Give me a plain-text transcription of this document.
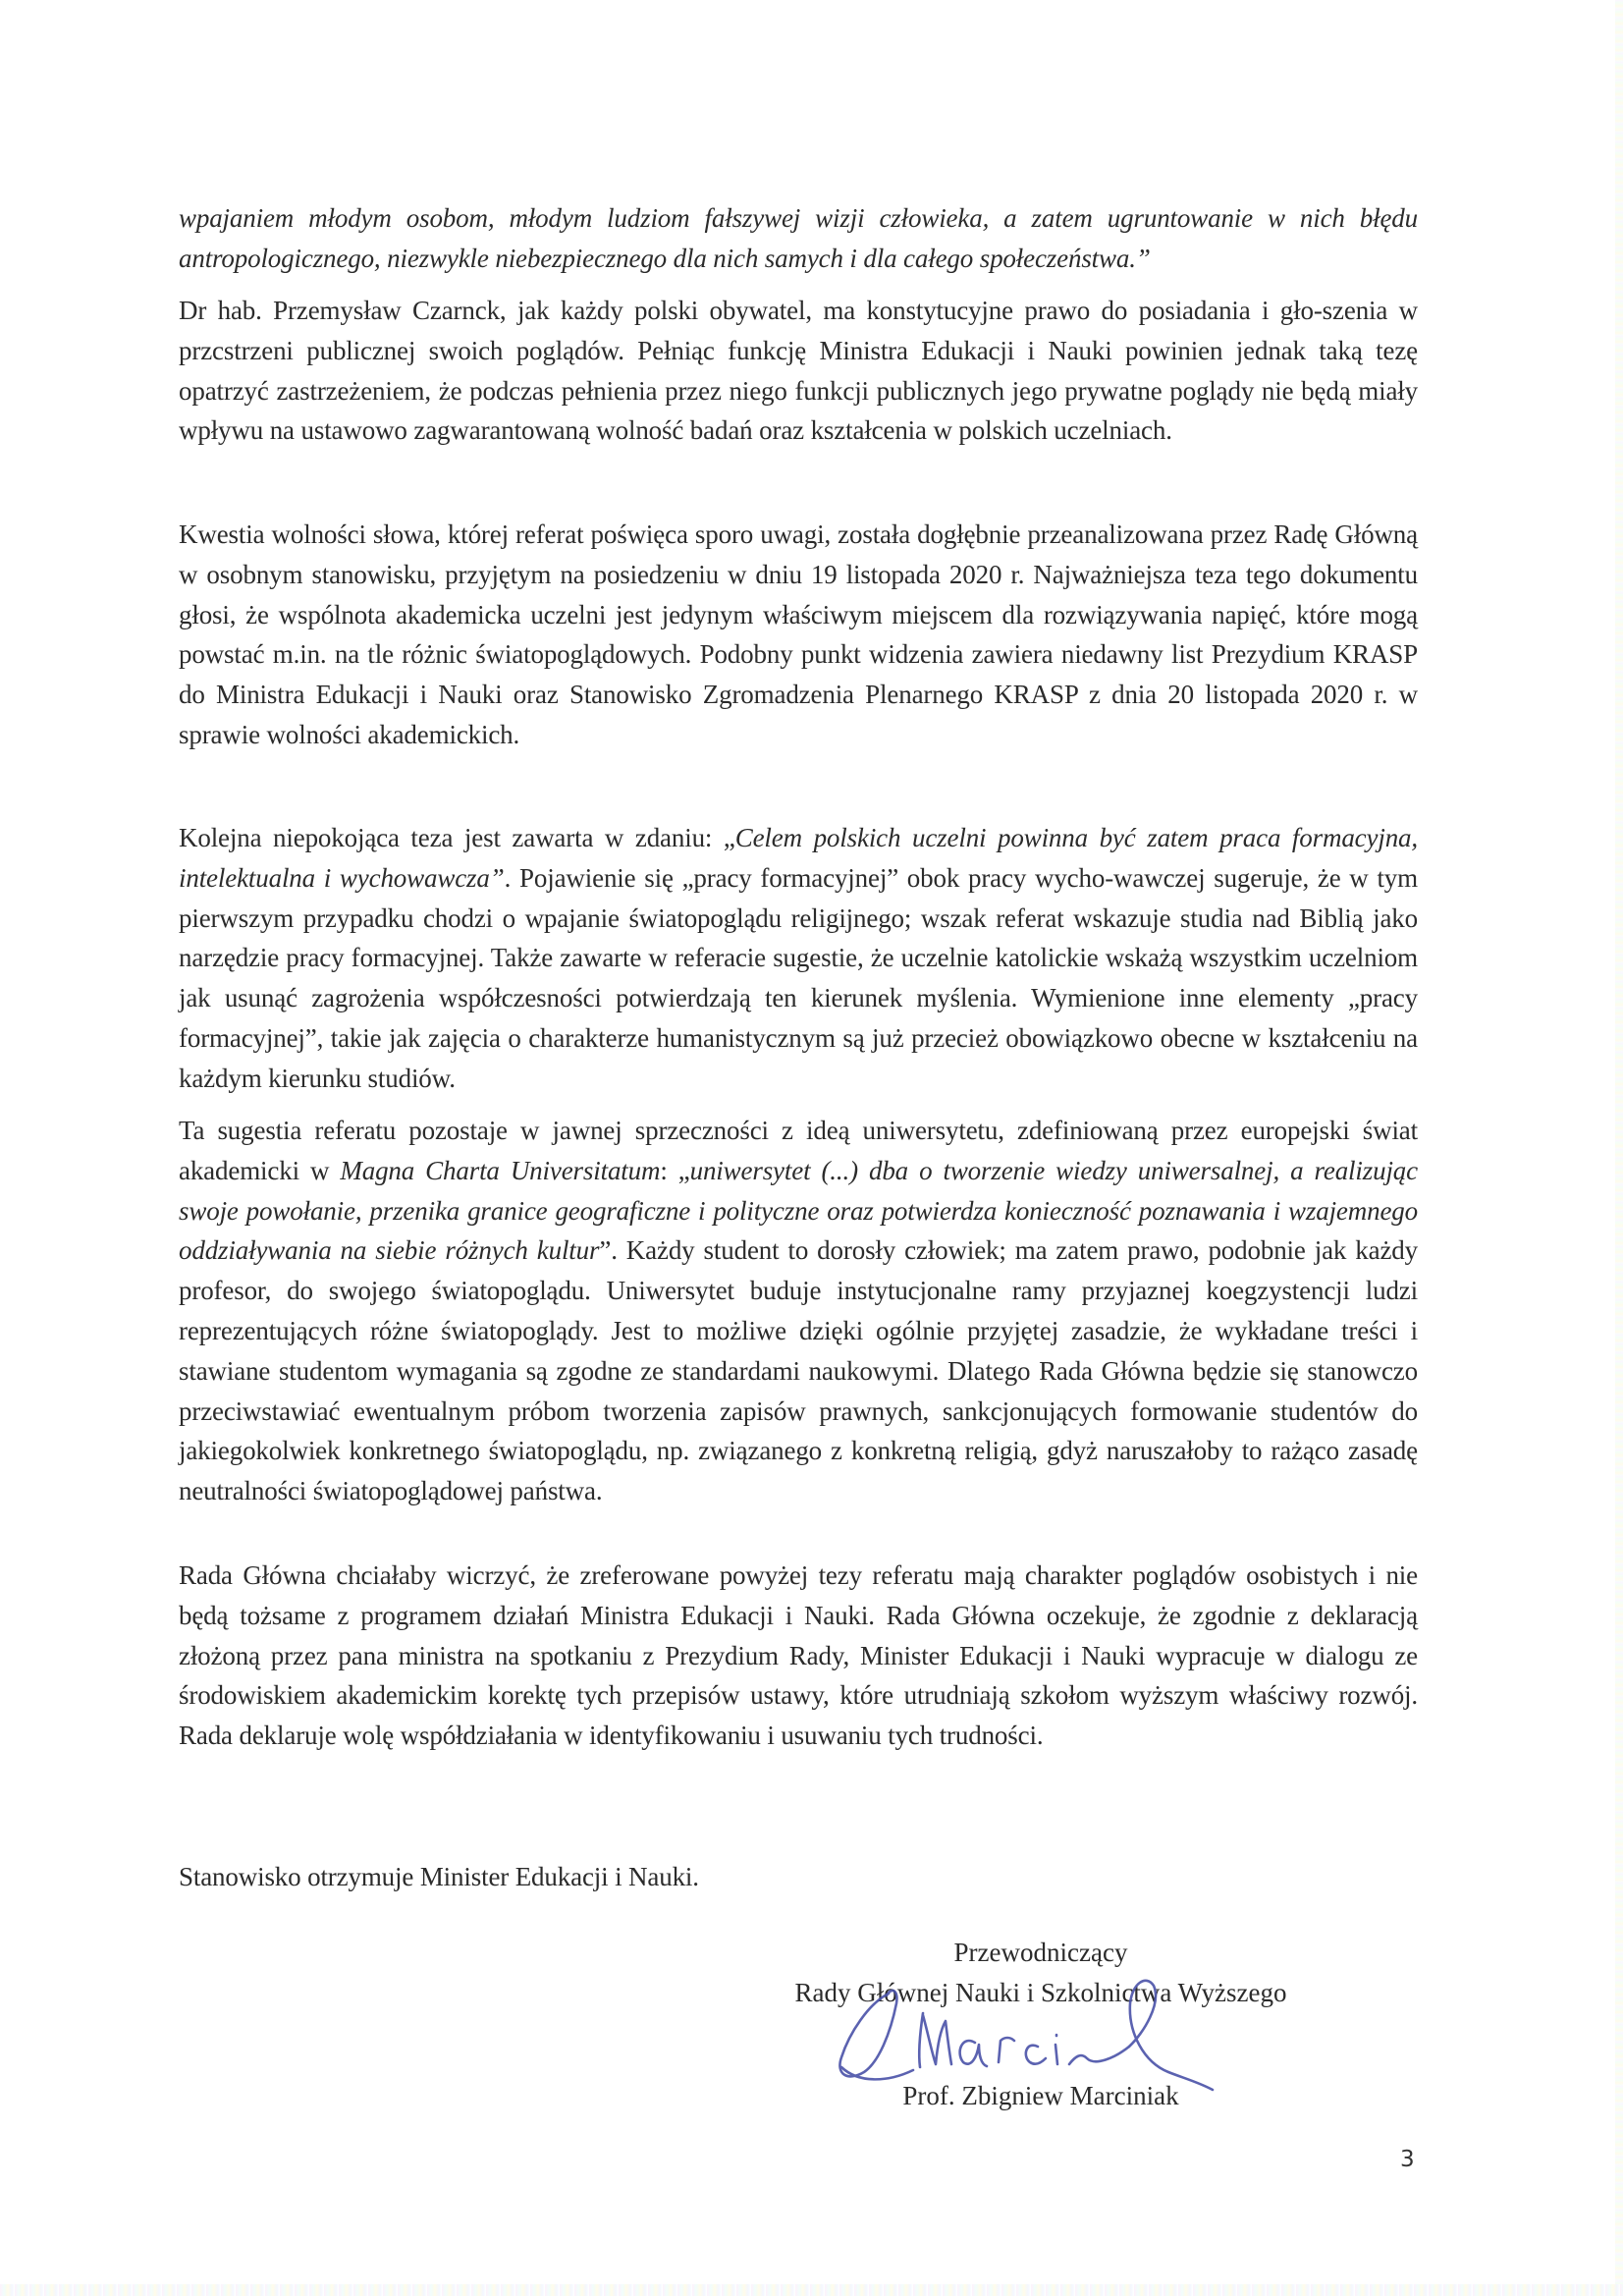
wpajaniem młodym osobom, młodym ludziom fałszywej wizji człowieka, a zatem ugruntowanie w nich błędu antropologicznego, niezwykle niebezpiecznego dla nich samych i dla całego społeczeństwa.”

Dr hab. Przemysław Czarnck, jak każdy polski obywatel, ma konstytucyjne prawo do posiadania i gło-szenia w przcstrzeni publicznej swoich poglądów. Pełniąc funkcję Ministra Edukacji i Nauki powinien jednak taką tezę opatrzyć zastrzeżeniem, że podczas pełnienia przez niego funkcji publicznych jego prywatne poglądy nie będą miały wpływu na ustawowo zagwarantowaną wolność badań oraz kształcenia w polskich uczelniach.

Kwestia wolności słowa, której referat poświęca sporo uwagi, została dogłębnie przeanalizowana przez Radę Główną w osobnym stanowisku, przyjętym na posiedzeniu w dniu 19 listopada 2020 r. Najważniejsza teza tego dokumentu głosi, że wspólnota akademicka uczelni jest jedynym właściwym miejscem dla rozwiązywania napięć, które mogą powstać m.in. na tle różnic światopoglądowych. Podobny punkt widzenia zawiera niedawny list Prezydium KRASP do Ministra Edukacji i Nauki oraz Stanowisko Zgromadzenia Plenarnego KRASP z dnia 20 listopada 2020 r. w sprawie wolności akademickich.

Kolejna niepokojąca teza jest zawarta w zdaniu: „Celem polskich uczelni powinna być zatem praca formacyjna, intelektualna i wychowawcza”. Pojawienie się „pracy formacyjnej” obok pracy wycho-wawczej sugeruje, że w tym pierwszym przypadku chodzi o wpajanie światopoglądu religijnego; wszak referat wskazuje studia nad Biblią jako narzędzie pracy formacyjnej. Także zawarte w referacie sugestie, że uczelnie katolickie wskażą wszystkim uczelniom jak usunąć zagrożenia współczesności potwierdzają ten kierunek myślenia. Wymienione inne elementy „pracy formacyjnej”, takie jak zajęcia o charakterze humanistycznym są już przecież obowiązkowo obecne w kształceniu na każdym kierunku studiów.

Ta sugestia referatu pozostaje w jawnej sprzeczności z ideą uniwersytetu, zdefiniowaną przez europejski świat akademicki w Magna Charta Universitatum: „uniwersytet (...) dba o tworzenie wiedzy uniwersalnej, a realizując swoje powołanie, przenika granice geograficzne i polityczne oraz potwierdza konieczność poznawania i wzajemnego oddziaływania na siebie różnych kultur”. Każdy student to dorosły człowiek; ma zatem prawo, podobnie jak każdy profesor, do swojego światopoglądu. Uniwersytet buduje instytucjonalne ramy przyjaznej koegzystencji ludzi reprezentujących różne światopoglądy. Jest to możliwe dzięki ogólnie przyjętej zasadzie, że wykładane treści i stawiane studentom wymagania są zgodne ze standardami naukowymi. Dlatego Rada Główna będzie się stanowczo przeciwstawiać ewentualnym próbom tworzenia zapisów prawnych, sankcjonujących formowanie studentów do jakiegokolwiek konkretnego światopoglądu, np. związanego z konkretną religią, gdyż naruszałoby to rażąco zasadę neutralności światopoglądowej państwa.

Rada Główna chciałaby wicrzyć, że zreferowane powyżej tezy referatu mają charakter poglądów osobistych i nie będą tożsame z programem działań Ministra Edukacji i Nauki. Rada Główna oczekuje, że zgodnie z deklaracją złożoną przez pana ministra na spotkaniu z Prezydium Rady, Minister Edukacji i Nauki wypracuje w dialogu ze środowiskiem akademickim korektę tych przepisów ustawy, które utrudniają szkołom wyższym właściwy rozwój. Rada deklaruje wolę współdziałania w identyfikowaniu i usuwaniu tych trudności.

Stanowisko otrzymuje Minister Edukacji i Nauki.

Przewodniczący
Rady Głównej Nauki i Szkolnictwa Wyższego
Prof. Zbigniew Marciniak
3
